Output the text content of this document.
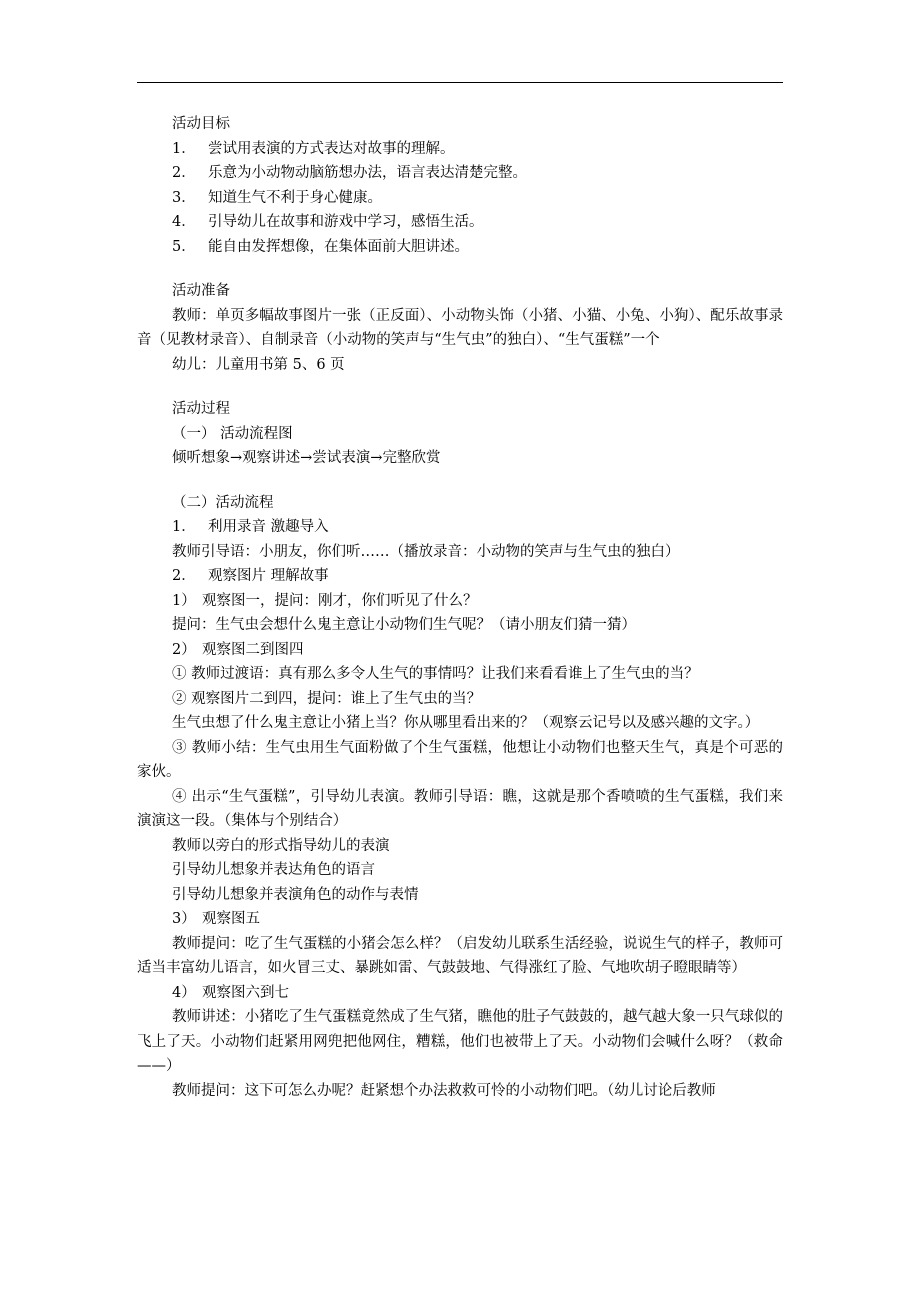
活动目标
1． 尝试用表演的方式表达对故事的理解。
2． 乐意为小动物动脑筋想办法，语言表达清楚完整。
3． 知道生气不利于身心健康。
4． 引导幼儿在故事和游戏中学习，感悟生活。
5． 能自由发挥想像，在集体面前大胆讲述。
活动准备
教师：单页多幅故事图片一张（正反面）、小动物头饰（小猪、小猫、小兔、小狗）、配乐故事录音（见教材录音）、自制录音（小动物的笑声与“生气虫”的独白）、“生气蛋糕”一个
幼儿：儿童用书第 5、6 页
活动过程
（一） 活动流程图
倾听想象→观察讲述→尝试表演→完整欣赏
（二）活动流程
1． 利用录音 激趣导入
教师引导语：小朋友，你们听……（播放录音：小动物的笑声与生气虫的独白）
2． 观察图片 理解故事
1） 观察图一，提问：刚才，你们听见了什么？
提问：生气虫会想什么鬼主意让小动物们生气呢？（请小朋友们猜一猜）
2） 观察图二到图四
① 教师过渡语：真有那么多令人生气的事情吗？让我们来看看谁上了生气虫的当？
② 观察图片二到四，提问：谁上了生气虫的当？
生气虫想了什么鬼主意让小猪上当？你从哪里看出来的？（观察云记号以及感兴趣的文字。）
③ 教师小结：生气虫用生气面粉做了个生气蛋糕，他想让小动物们也整天生气，真是个可恶的家伙。
④ 出示“生气蛋糕”，引导幼儿表演。教师引导语：瞧，这就是那个香喷喷的生气蛋糕，我们来演演这一段。（集体与个别结合）
教师以旁白的形式指导幼儿的表演
引导幼儿想象并表达角色的语言
引导幼儿想象并表演角色的动作与表情
3） 观察图五
教师提问：吃了生气蛋糕的小猪会怎么样？（启发幼儿联系生活经验，说说生气的样子，教师可适当丰富幼儿语言，如火冒三丈、暴跳如雷、气鼓鼓地、气得涨红了脸、气地吹胡子瞪眼睛等）
4） 观察图六到七
教师讲述：小猪吃了生气蛋糕竟然成了生气猪，瞧他的肚子气鼓鼓的，越气越大象一只气球似的飞上了天。小动物们赶紧用网兜把他网住，糟糕，他们也被带上了天。小动物们会喊什么呀？（救命——）
教师提问：这下可怎么办呢？赶紧想个办法救救可怜的小动物们吧。（幼儿讨论后教师
